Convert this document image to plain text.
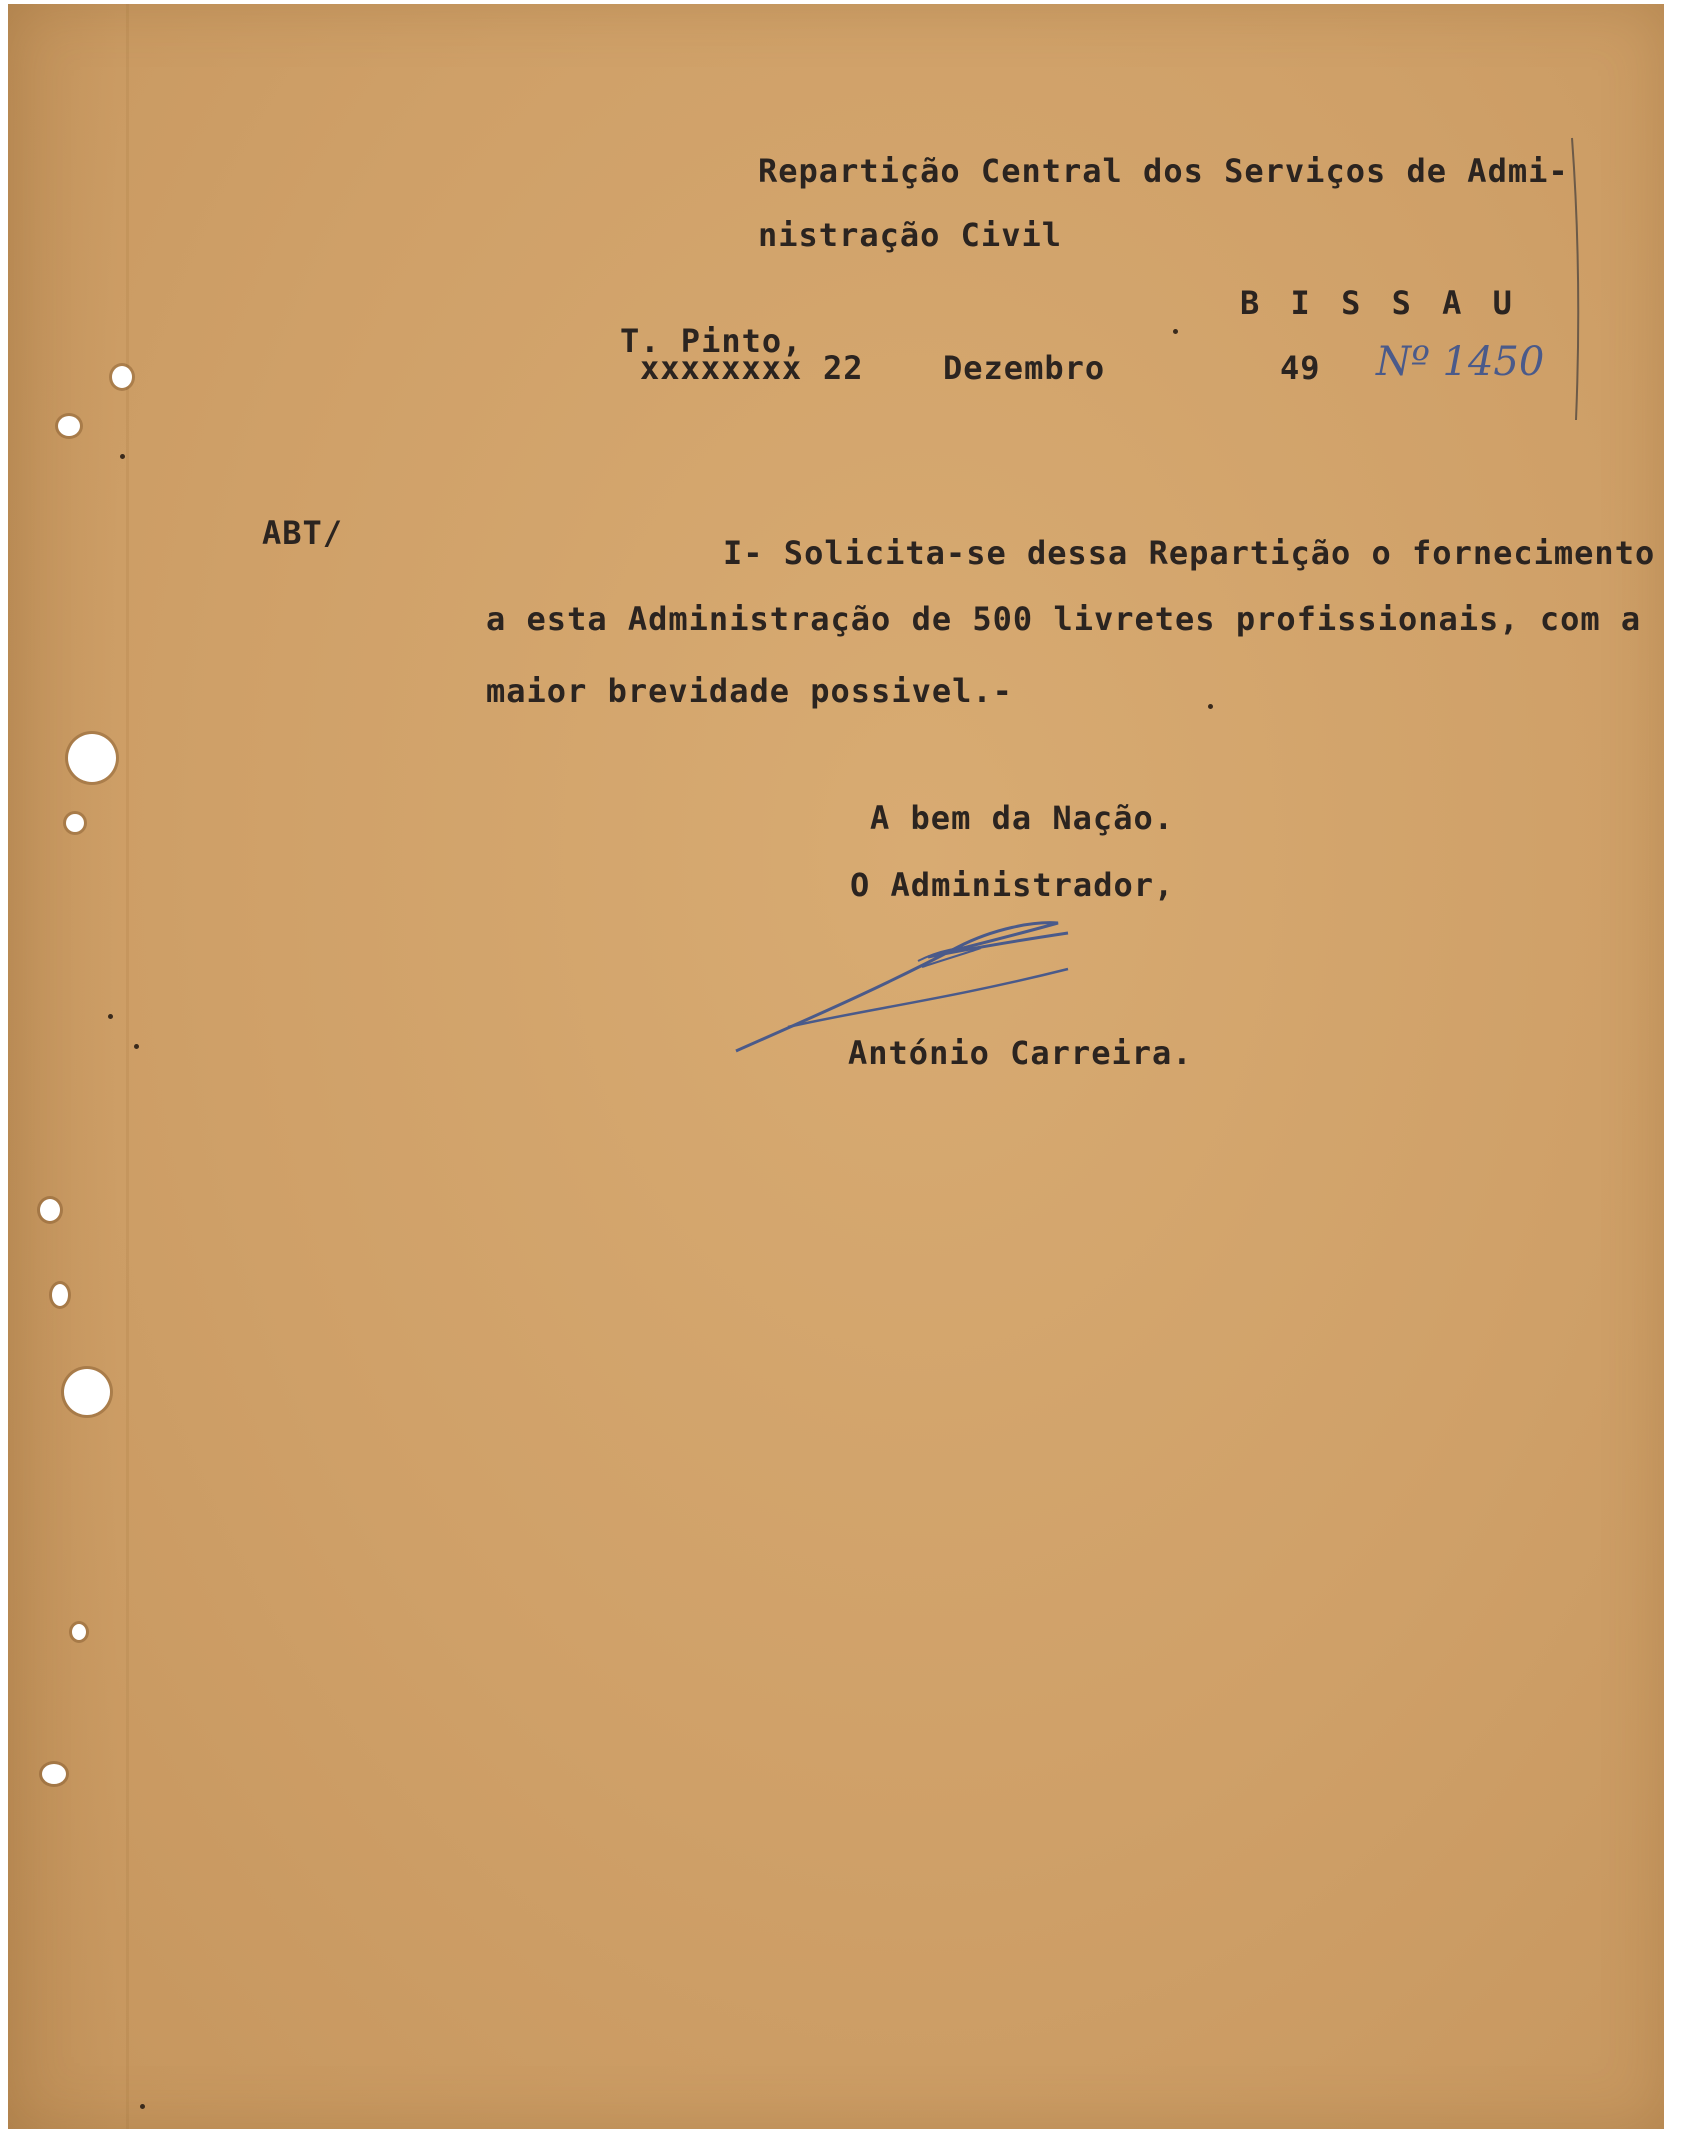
Repartição Central dos Serviços de Admi-
nistração Civil
B I S S A U
T. Pinto,
xxxxxxxx 22 Dezembro	49 Nº 1450
ABT/
I- Solicita-se dessa Repartição o fornecimento
a esta Administração de 500 livretes profissionais, com a
maior brevidade possivel.-
A bem da Nação.
O Administrador,
António Carreira.
